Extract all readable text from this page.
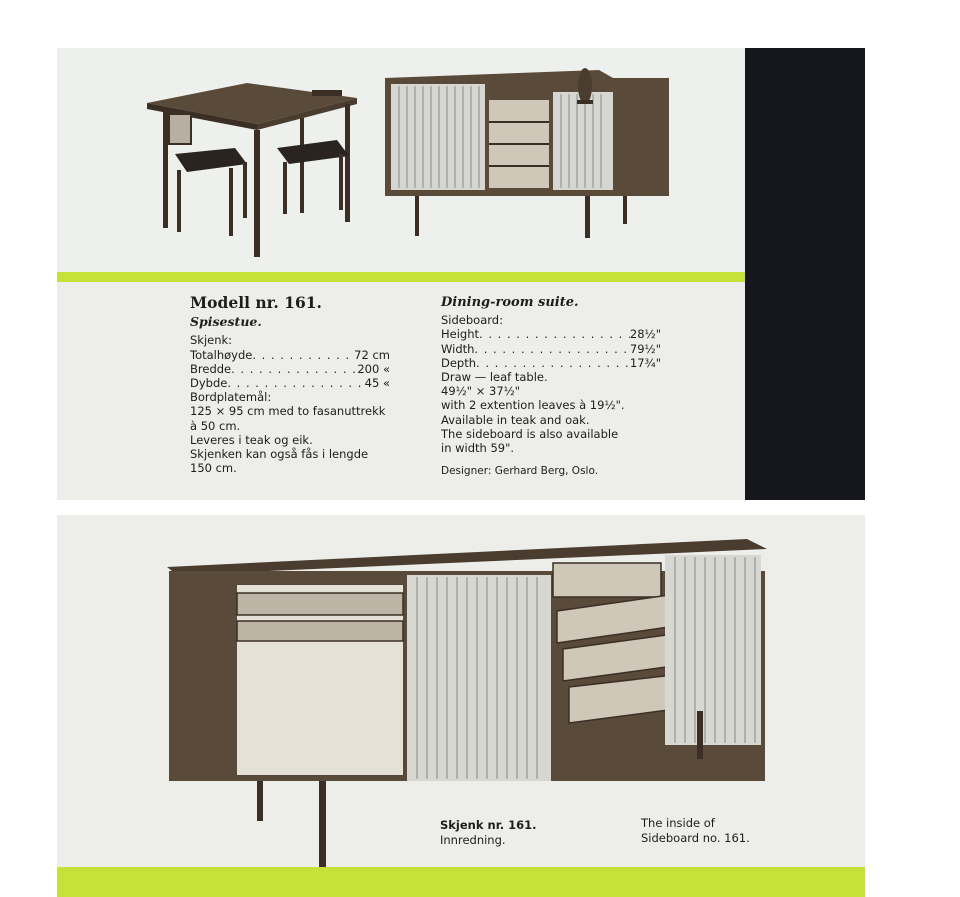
Modell nr. 161.
Spisestue.
Skjenk:
Totalhøyde . . .	72 cm
Bredde . . .	200 «
Dybde . . .	45 «
Bordplatemål:
125 × 95 cm med to fasanuttrekk
à 50 cm.
Leveres i teak og eik.
Skjenken kan også fås i lengde
150 cm.
Dining-room suite.
Sideboard:
Height . . .	28½"
Width . . .	79½"
Depth . . .	17¾"
Draw — leaf table.
49½" × 37½"
with 2 extention leaves à 19½".
Available in teak and oak.
The sideboard is also available
in width 59".
Designer: Gerhard Berg, Oslo.
Skjenk nr. 161.
Innredning.
The inside of
Sideboard no. 161.
